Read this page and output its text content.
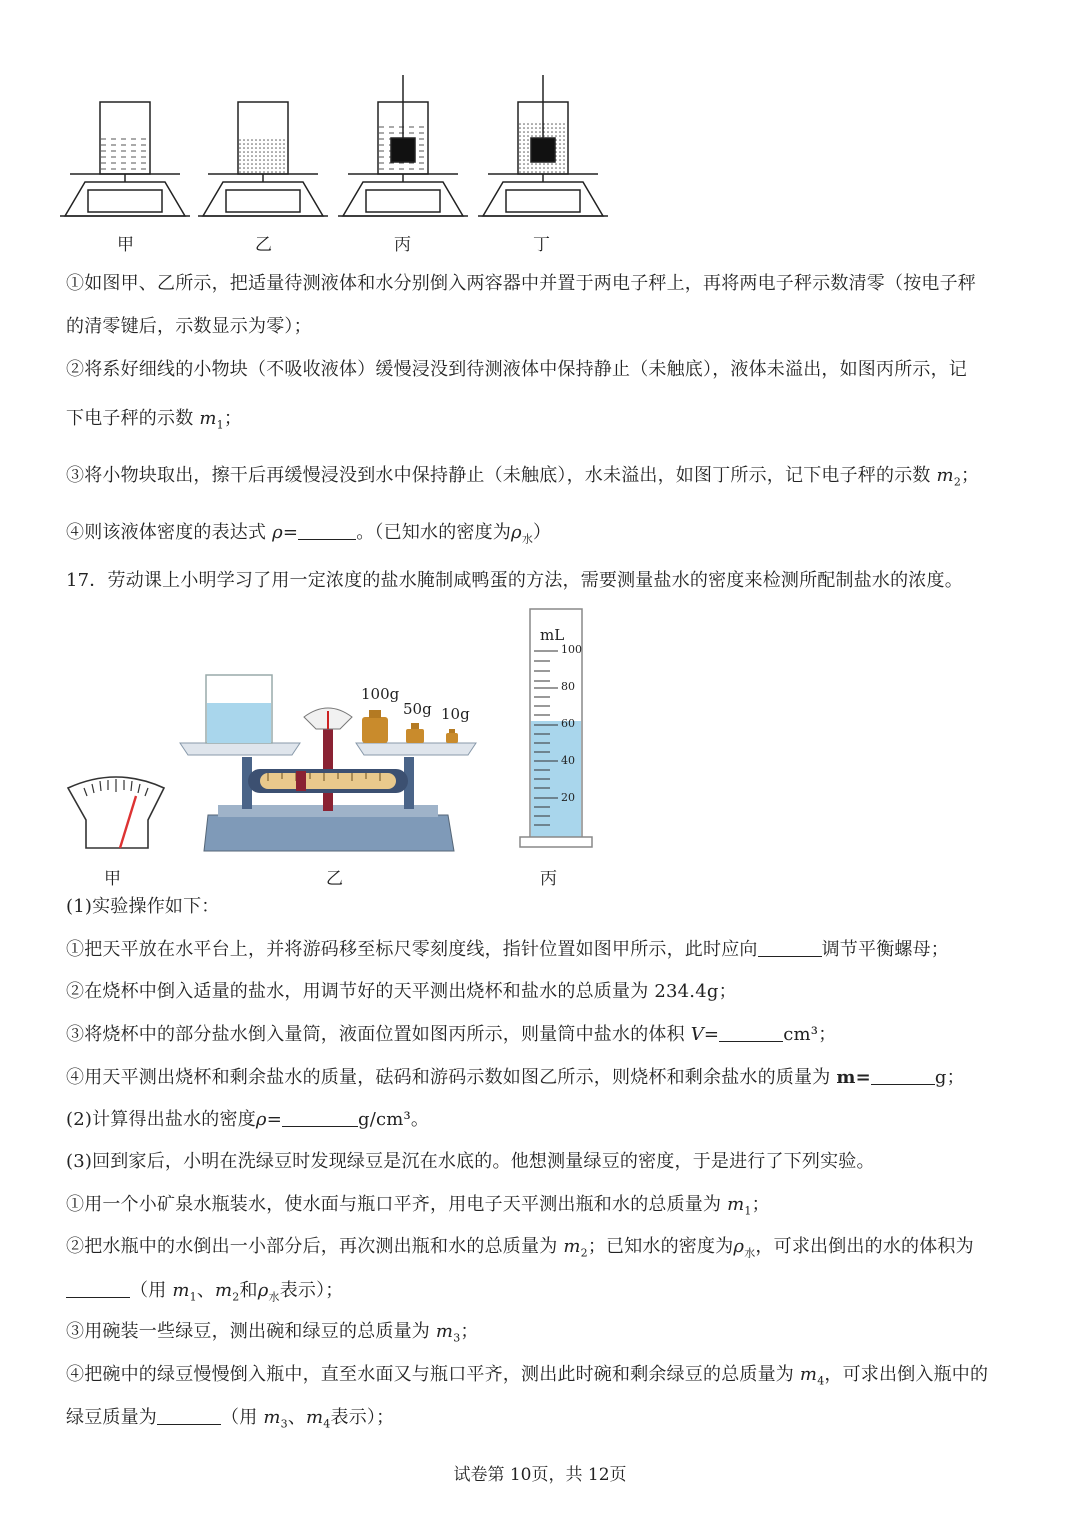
甲	乙	丙	丁
①如图甲、乙所示，把适量待测液体和水分别倒入两容器中并置于两电子秤上，再将两电子秤示数清零（按电子秤
的清零键后，示数显示为零）；
②将系好细线的小物块（不吸收液体）缓慢浸没到待测液体中保持静止（未触底），液体未溢出，如图丙所示，记
下电子秤的示数 $m_1$；
③将小物块取出，擦干后再缓慢浸没到水中保持静止（未触底），水未溢出，如图丁所示，记下电子秤的示数 $m_2$；
④则该液体密度的表达式 ρ=	。（已知水的密度为$\rho_水$）
17．劳动课上小明学习了用一定浓度的盐水腌制咸鸭蛋的方法，需要测量盐水的密度来检测所配制盐水的浓度。
100g
50g 10g
mL
100
80
60
40
20
甲	乙	丙
(1)实验操作如下：
①把天平放在水平台上，并将游码移至标尺零刻度线，指针位置如图甲所示，此时应向	调节平衡螺母；
②在烧杯中倒入适量的盐水，用调节好的天平测出烧杯和盐水的总质量为 234.4g；
③将烧杯中的部分盐水倒入量筒，液面位置如图丙所示，则量筒中盐水的体积 V=	cm³；
④用天平测出烧杯和剩余盐水的质量，砝码和游码示数如图乙所示，则烧杯和剩余盐水的质量为 m=	g；
(2)计算得出盐水的密度ρ=	g/cm³。
(3)回到家后，小明在洗绿豆时发现绿豆是沉在水底的。他想测量绿豆的密度，于是进行了下列实验。
①用一个小矿泉水瓶装水，使水面与瓶口平齐，用电子天平测出瓶和水的总质量为 $m_1$；
②把水瓶中的水倒出一小部分后，再次测出瓶和水的总质量为 $m_2$；已知水的密度为$\rho_水$，可求出倒出的水的体积为
（用 $m_1$、$m_2$和$\rho_水$表示）；
③用碗装一些绿豆，测出碗和绿豆的总质量为 $m_3$；
④把碗中的绿豆慢慢倒入瓶中，直至水面又与瓶口平齐，测出此时碗和剩余绿豆的总质量为 $m_4$，可求出倒入瓶中的
绿豆质量为	（用 $m_3$、$m_4$表示）；
试卷第 10页，共 12页
